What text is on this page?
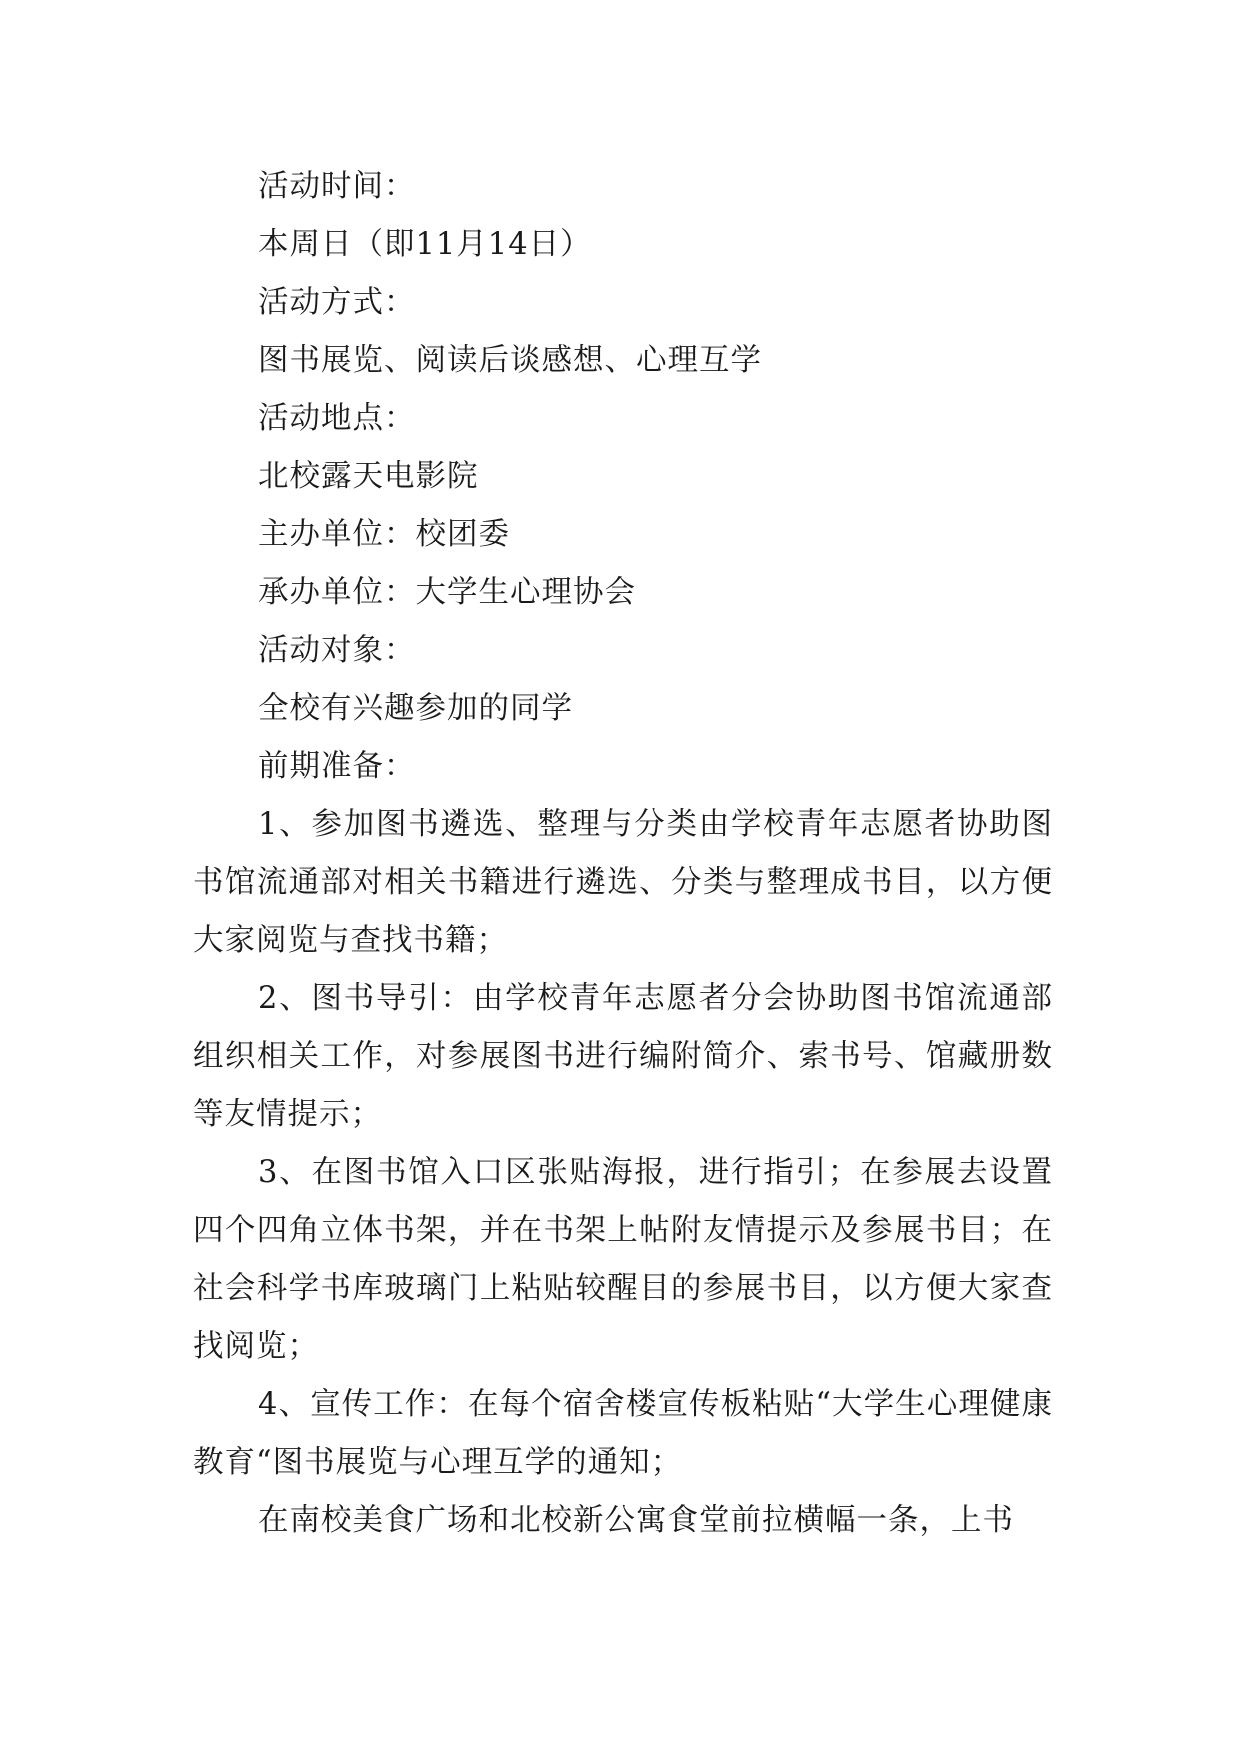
活动时间：

本周日（即11月14日）

活动方式：

图书展览、阅读后谈感想、心理互学

活动地点：

北校露天电影院

主办单位：校团委

承办单位：大学生心理协会

活动对象：

全校有兴趣参加的同学

前期准备：

1、参加图书遴选、整理与分类由学校青年志愿者协助图书馆流通部对相关书籍进行遴选、分类与整理成书目，以方便大家阅览与查找书籍；

2、图书导引：由学校青年志愿者分会协助图书馆流通部组织相关工作，对参展图书进行编附简介、索书号、馆藏册数等友情提示；

3、在图书馆入口区张贴海报，进行指引；在参展去设置四个四角立体书架，并在书架上帖附友情提示及参展书目；在社会科学书库玻璃门上粘贴较醒目的参展书目，以方便大家查找阅览；

4、宣传工作：在每个宿舍楼宣传板粘贴“大学生心理健康教育“图书展览与心理互学的通知；

在南校美食广场和北校新公寓食堂前拉横幅一条，上书
